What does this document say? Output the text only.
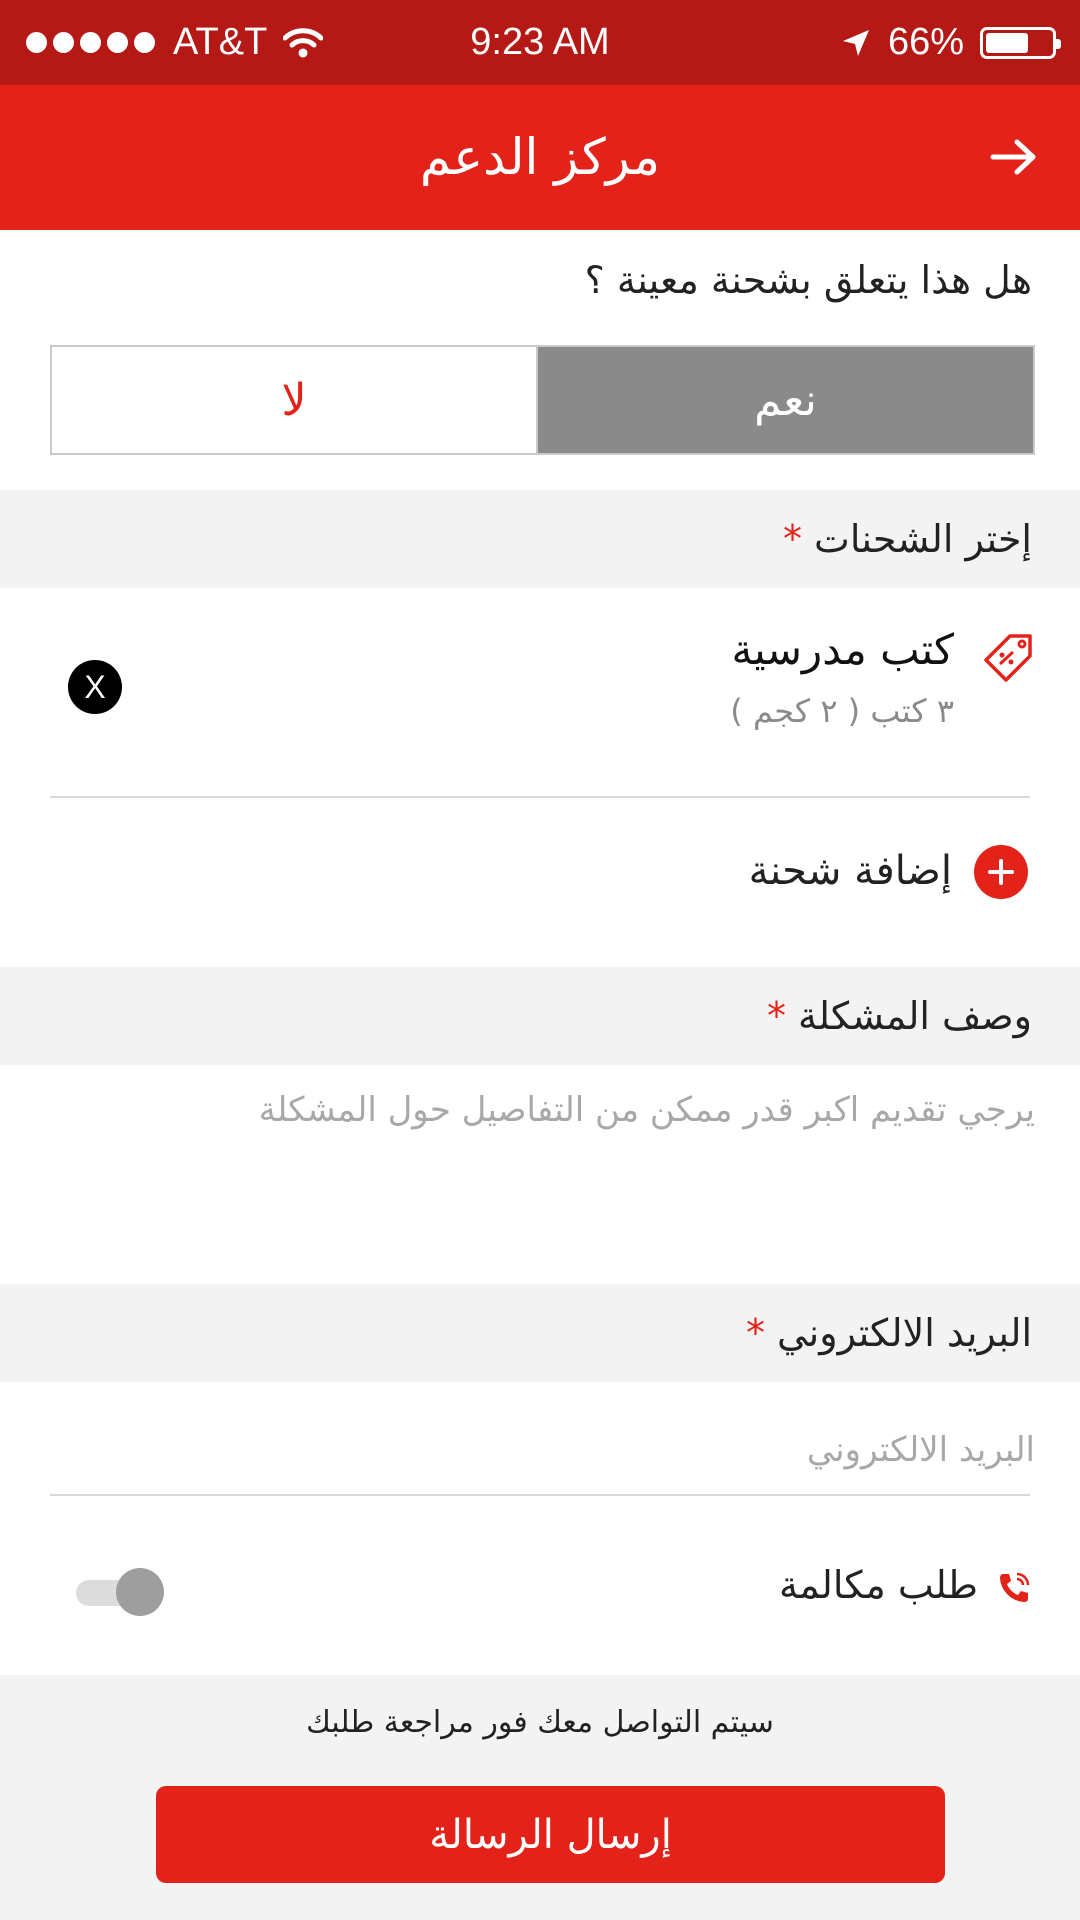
AT&T	9:23 AM	66%
مركز الدعم
هل هذا يتعلق بشحنة معينة ؟
نعم
لا
إختر الشحنات*
كتب مدرسية
٣ كتب ( ٢ كجم )
X
إضافة شحنة
وصف المشكلة*
يرجي تقديم اكبر قدر ممكن من التفاصيل حول المشكلة
البريد الالكتروني*
البريد الالكتروني
طلب مكالمة
سيتم التواصل معك فور مراجعة طلبك
إرسال الرسالة
